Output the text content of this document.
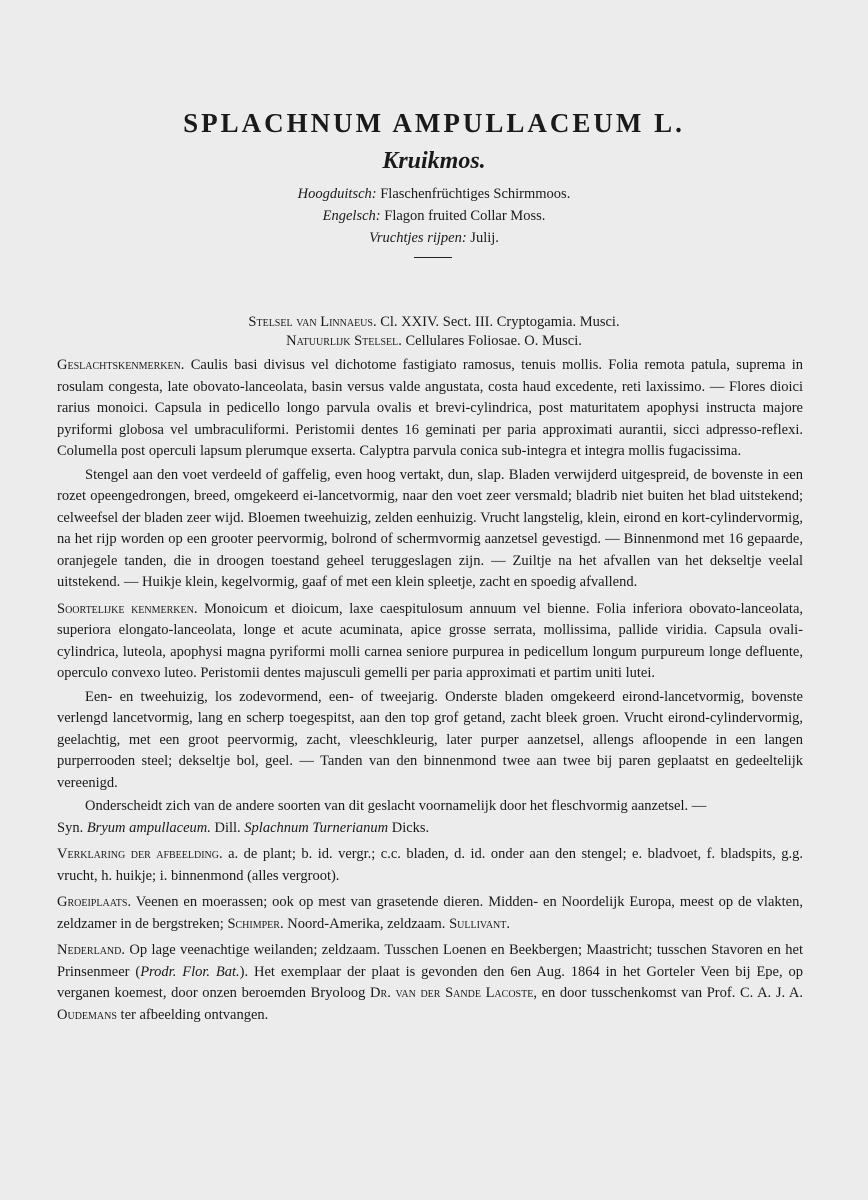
SPLACHNUM AMPULLACEUM L.
Kruikmos.
Hoogduitsch: Flaschenfrüchtiges Schirmmoos.
Engelsch: Flagon fruited Collar Moss.
Vruchtjes rijpen: Julij.
Stelsel van Linnaeus. Cl. XXIV. Sect. III. Cryptogamia. Musci.
Natuurlijk Stelsel. Cellulares Foliosae. O. Musci.

Geslachtskenmerken. Caulis basi divisus vel dichotome fastigiato ramosus, tenuis mollis. Folia remota patula, suprema in rosulam congesta, late obovato-lanceolata, basin versus valde angustata, costa haud excedente, reti laxissimo. — Flores dioici rarius monoici. Capsula in pedicello longo parvula ovalis et brevi-cylindrica, post maturitatem apophysi instructa majore pyriformi globosa vel umbraculiformi. Peristomii dentes 16 geminati per paria approximati aurantii, sicci adpresso-reflexi. Columella post operculi lapsum plerumque exserta. Calyptra parvula conica sub-integra et integra mollis fugacissima.

Stengel aan den voet verdeeld of gaffelig, even hoog vertakt, dun, slap. Bladen verwijderd uitgespreid, de bovenste in een rozet opeengedrongen, breed, omgekeerd ei-lancetvormig, naar den voet zeer versmald; bladrib niet buiten het blad uitstekend; celweefsel der bladen zeer wijd. Bloemen tweehuizig, zelden eenhuizig. Vrucht langstelig, klein, eirond en kort-cylindervormig, na het rijp worden op een grooter peervormig, bolrond of schermvormig aanzetsel gevestigd. — Binnenmond met 16 gepaarde, oranjegele tanden, die in droogen toestand geheel teruggeslagen zijn. — Zuiltje na het afvallen van het dekseltje veelal uitstekend. — Huikje klein, kegelvormig, gaaf of met een klein spleetje, zacht en spoedig afvallend.

Soortelijke kenmerken. Monoicum et dioicum, laxe caespitulosum annuum vel bienne. Folia inferiora obovato-lanceolata, superiora elongato-lanceolata, longe et acute acuminata, apice grosse serrata, mollissima, pallide viridia. Capsula ovali-cylindrica, luteola, apophysi magna pyriformi molli carnea seniore purpurea in pedicellum longum purpureum longe defluente, operculo convexo luteo. Peristomii dentes majusculi gemelli per paria approximati et partim uniti lutei.

Een- en tweehuizig, los zodevormend, een- of tweejarig. Onderste bladen omgekeerd eirond-lancetvormig, bovenste verlengd lancetvormig, lang en scherp toegespitst, aan den top grof getand, zacht bleek groen. Vrucht eirond-cylindervormig, geelachtig, met een groot peervormig, zacht, vleeschkleurig, later purper aanzetsel, allengs afloopende in een langen purperrooden steel; dekseltje bol, geel. — Tanden van den binnenmond twee aan twee bij paren geplaatst en gedeeltelijk vereenigd.

Onderscheidt zich van de andere soorten van dit geslacht voornamelijk door het fleschvormig aanzetsel. —
Syn. Bryum ampullaceum. Dill. Splachnum Turnerianum Dicks.

Verklaring der afbeelding. a. de plant; b. id. vergr.; c.c. bladen, d. id. onder aan den stengel; e. bladvoet, f. bladspits, g.g. vrucht, h. huikje; i. binnenmond (alles vergroot).

Groeiplaats. Veenen en moerassen; ook op mest van grasetende dieren. Midden- en Noordelijk Europa, meest op de vlakten, zeldzamer in de bergstreken; Schimper. Noord-Amerika, zeldzaam. Sullivant.

Nederland. Op lage veenachtige weilanden; zeldzaam. Tusschen Loenen en Beekbergen; Maastricht; tusschen Stavoren en het Prinsenmeer (Prodr. Flor. Bat.). Het exemplaar der plaat is gevonden den 6en Aug. 1864 in het Gorteler Veen bij Epe, op verganen koemest, door onzen beroemden Bryoloog Dr. van der Sande Lacoste, en door tusschenkomst van Prof. C. A. J. A. Oudemans ter afbeelding ontvangen.
